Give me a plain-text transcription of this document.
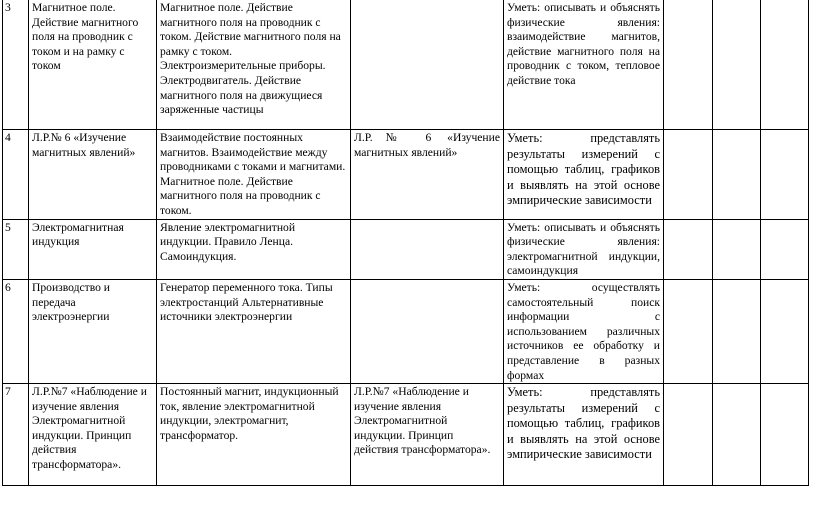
3	Магнитное поле. Действие магнитного поля на проводник с током и на рамку с током	Магнитное поле. Действие магнитного поля на проводник с током. Действие магнитного поля на рамку с током. Электроизмерительные приборы. Электродвигатель. Действие магнитного поля на движущиеся заряженные частицы		Уметь: описывать и объяснять физические явления: взаимодействие магнитов, действие магнитного поля на проводник с током, тепловое действие тока			
4	Л.Р.№ 6 «Изучение магнитных явлений»	Взаимодействие постоянных магнитов. Взаимодействие между проводниками с токами и магнитами. Магнитное поле. Действие магнитного поля на проводник с током.	Л.Р.№ 6 «Изучение магнитных явлений»	Уметь: представлять результаты измерений с помощью таблиц, графиков и выявлять на этой основе эмпирические зависимости			
5	Электромагнитная индукция	Явление электромагнитной индукции. Правило Ленца. Самоиндукция.		Уметь: описывать и объяснять физические явления: электромагнитной индукции, самоиндукция			
6	Производство и передача электроэнергии	Генератор переменного тока. Типы электростанций Альтернативные источники электроэнергии		Уметь: осуществлять самостоятельный поиск информации с использованием различных источников ее обработку и представление в разных формах			
7	Л.Р.№7 «Наблюдение и изучение явления Электромагнитной индукции. Принцип действия трансформатора».	Постоянный магнит, индукционный ток, явление электромагнитной индукции, электромагнит, трансформатор.	Л.Р.№7 «Наблюдение и изучение явления Электромагнитной индукции. Принцип действия трансформатора».	Уметь: представлять результаты измерений с помощью таблиц, графиков и выявлять на этой основе эмпирические зависимости			
